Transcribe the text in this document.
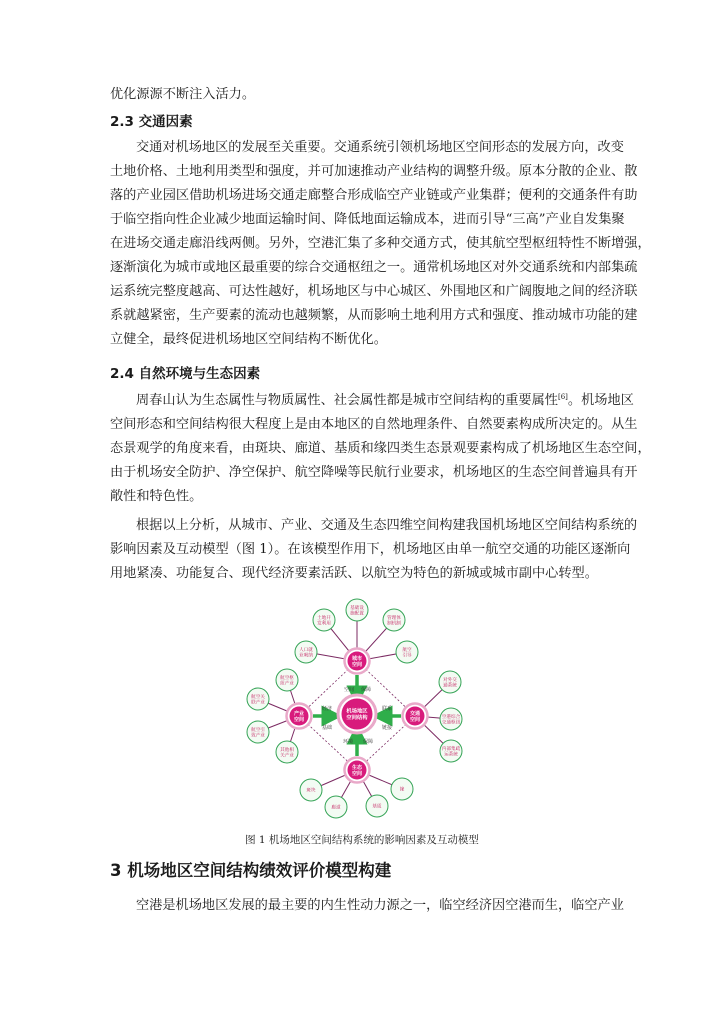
优化源源不断注入活力。
2.3 交通因素
交通对机场地区的发展至关重要。交通系统引领机场地区空间形态的发展方向，改变
土地价格、土地利用类型和强度，并可加速推动产业结构的调整升级。原本分散的企业、散
落的产业园区借助机场进场交通走廊整合形成临空产业链或产业集群；便利的交通条件有助
于临空指向性企业减少地面运输时间、降低地面运输成本，进而引导“三高”产业自发集聚
在进场交通走廊沿线两侧。另外，空港汇集了多种交通方式，使其航空型枢纽特性不断增强，
逐渐演化为城市或地区最重要的综合交通枢纽之一。通常机场地区对外交通系统和内部集疏
运系统完整度越高、可达性越好，机场地区与中心城区、外围地区和广阔腹地之间的经济联
系就越紧密，生产要素的流动也越频繁，从而影响土地利用方式和强度、推动城市功能的建
立健全，最终促进机场地区空间结构不断优化。
2.4 自然环境与生态因素
周春山认为生态属性与物质属性、社会属性都是城市空间结构的重要属性[6]。机场地区
空间形态和空间结构很大程度上是由本地区的自然地理条件、自然要素构成所决定的。从生
态景观学的角度来看，由斑块、廊道、基质和缘四类生态景观要素构成了机场地区生态空间，
由于机场安全防护、净空保护、航空降噪等民航行业要求，机场地区的生态空间普遍具有开
敞性和特色性。
根据以上分析，从城市、产业、交通及生态四维空间构建我国机场地区空间结构系统的
影响因素及互动模型（图 1）。在该模型作用下，机场地区由单一航空交通的功能区逐渐向
用地紧凑、功能复合、现代经济要素活跃、以航空为特色的新城或城市副中心转型。
基础设施配置
土地开发利用
管理体制机制
人口就业吸纳
航空引导
航空枢纽产业
航空关联产业
航空引致产业
其他相关产业
对外交通系统
空港综合交通枢纽
内部集疏运系统
斑块
廊道	基质
缘
城市空间
产业空间
交通空间
生态空间
机场地区空间结构
空间 保障
经济
基础
联系
链接
环境 保障
图 1 机场地区空间结构系统的影响因素及互动模型
3 机场地区空间结构绩效评价模型构建
空港是机场地区发展的最主要的内生性动力源之一，临空经济因空港而生，临空产业
